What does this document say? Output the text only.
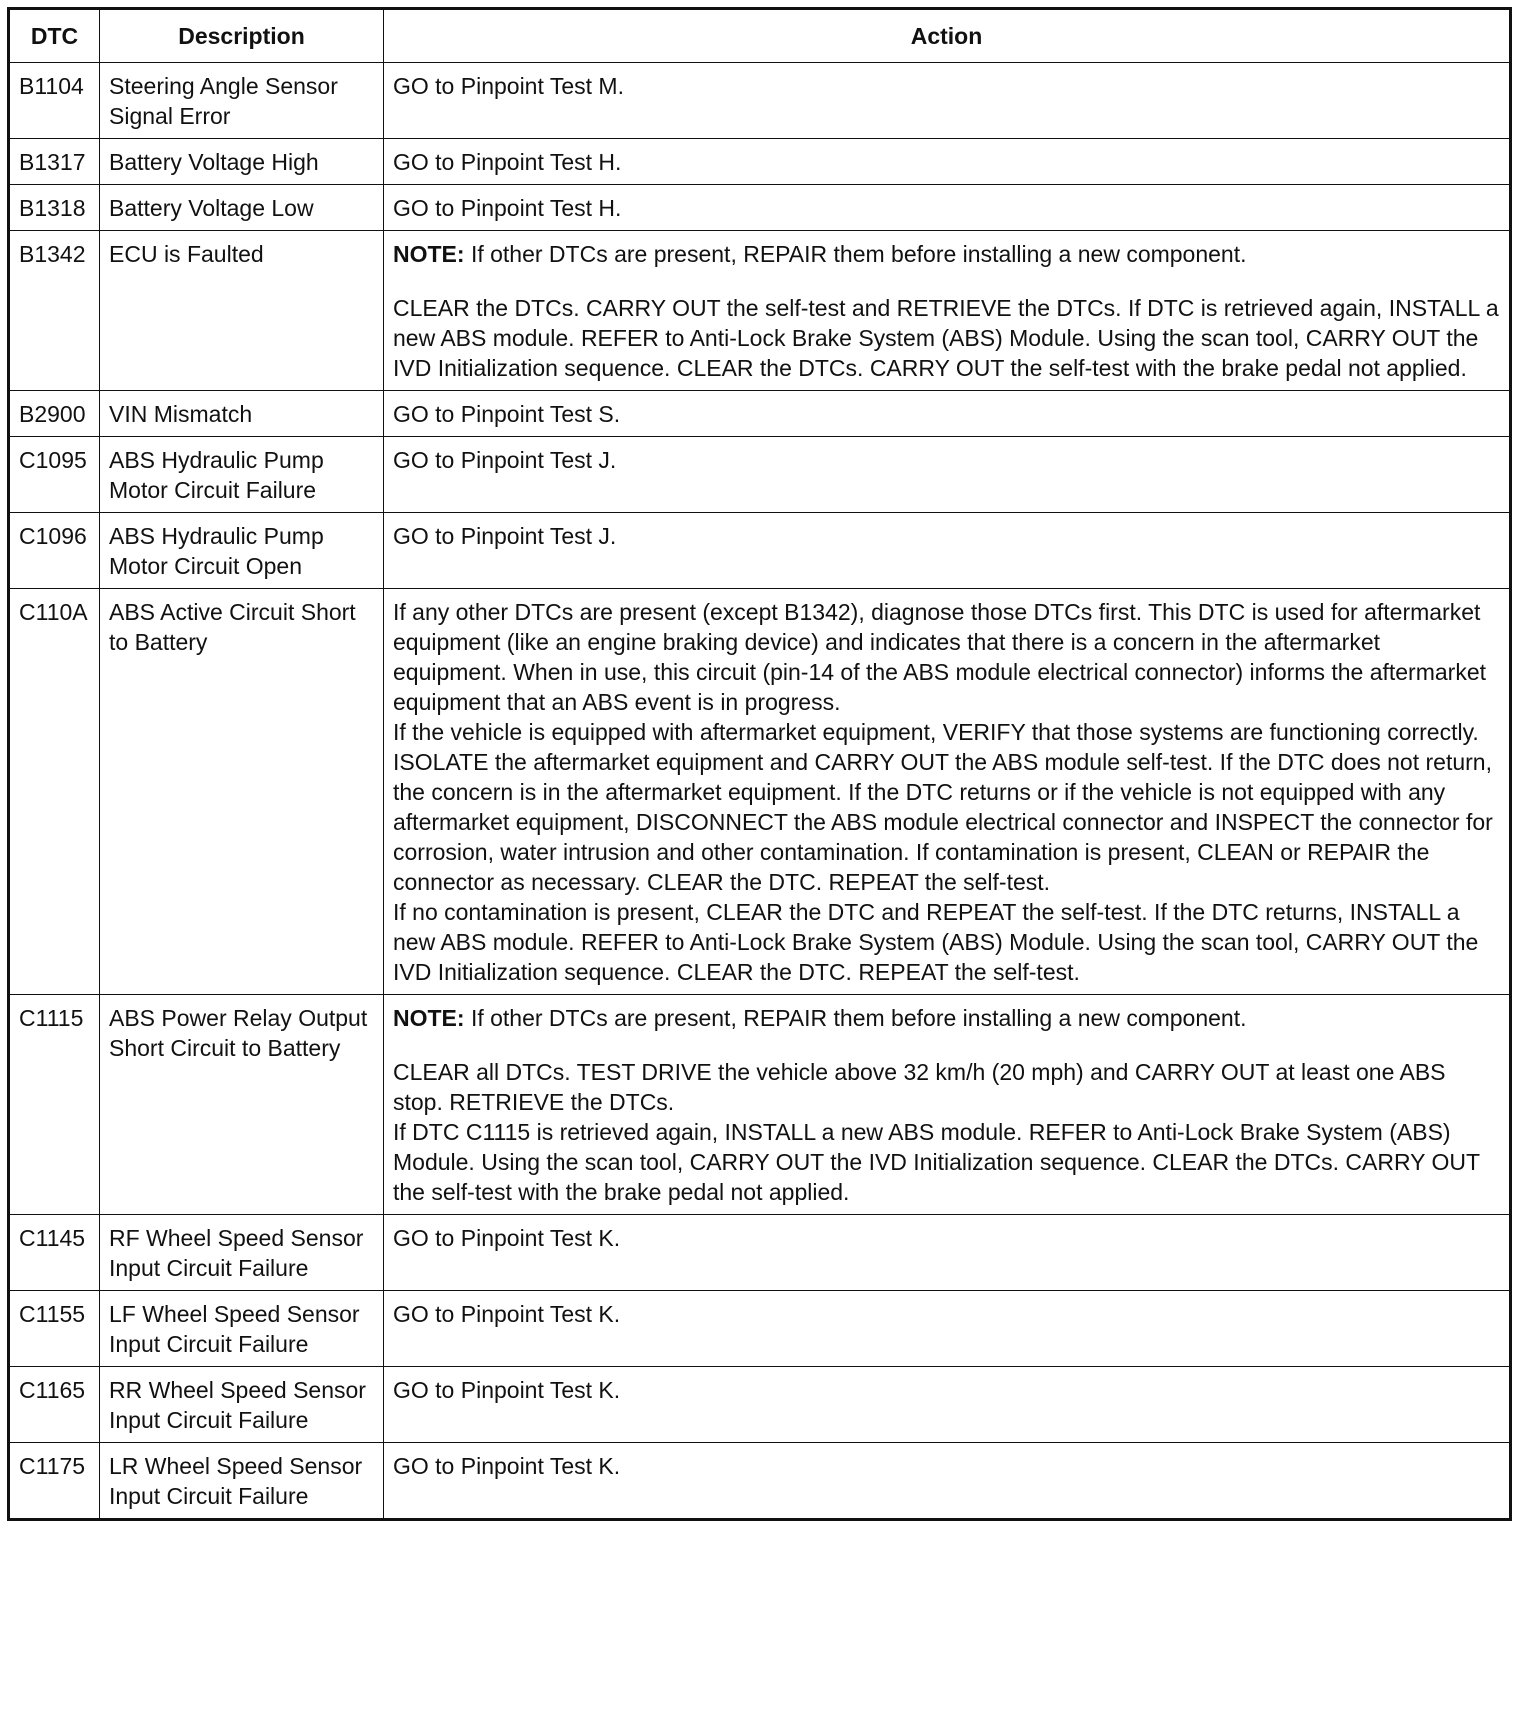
DTC	Description	Action
B1104	Steering Angle Sensor Signal Error	GO to Pinpoint Test M.

B1317	Battery Voltage High	GO to Pinpoint Test H.

B1318	Battery Voltage Low	GO to Pinpoint Test H.

B1342	ECU is Faulted	NOTE: If other DTCs are present, REPAIR them before installing a new component.

CLEAR the DTCs. CARRY OUT the self-test and RETRIEVE the DTCs. If DTC is retrieved again, INSTALL a new ABS module. REFER to Anti-Lock Brake System (ABS) Module. Using the scan tool, CARRY OUT the IVD Initialization sequence. CLEAR the DTCs. CARRY OUT the self-test with the brake pedal not applied.

B2900	VIN Mismatch	GO to Pinpoint Test S.

C1095	ABS Hydraulic Pump Motor Circuit Failure	GO to Pinpoint Test J.

C1096	ABS Hydraulic Pump Motor Circuit Open	GO to Pinpoint Test J.

C110A	ABS Active Circuit Short to Battery	If any other DTCs are present (except B1342), diagnose those DTCs first. This DTC is used for aftermarket equipment (like an engine braking device) and indicates that there is a concern in the aftermarket equipment. When in use, this circuit (pin-14 of the ABS module electrical connector) informs the aftermarket equipment that an ABS event is in progress.

If the vehicle is equipped with aftermarket equipment, VERIFY that those systems are functioning correctly. ISOLATE the aftermarket equipment and CARRY OUT the ABS module self-test. If the DTC does not return, the concern is in the aftermarket equipment. If the DTC returns or if the vehicle is not equipped with any aftermarket equipment, DISCONNECT the ABS module electrical connector and INSPECT the connector for corrosion, water intrusion and other contamination. If contamination is present, CLEAN or REPAIR the connector as necessary. CLEAR the DTC. REPEAT the self-test.

If no contamination is present, CLEAR the DTC and REPEAT the self-test. If the DTC returns, INSTALL a new ABS module. REFER to Anti-Lock Brake System (ABS) Module. Using the scan tool, CARRY OUT the IVD Initialization sequence. CLEAR the DTC. REPEAT the self-test.

C1115	ABS Power Relay Output Short Circuit to Battery	NOTE: If other DTCs are present, REPAIR them before installing a new component.

CLEAR all DTCs. TEST DRIVE the vehicle above 32 km/h (20 mph) and CARRY OUT at least one ABS stop. RETRIEVE the DTCs.

If DTC C1115 is retrieved again, INSTALL a new ABS module. REFER to Anti-Lock Brake System (ABS) Module. Using the scan tool, CARRY OUT the IVD Initialization sequence. CLEAR the DTCs. CARRY OUT the self-test with the brake pedal not applied.

C1145	RF Wheel Speed Sensor Input Circuit Failure	GO to Pinpoint Test K.

C1155	LF Wheel Speed Sensor Input Circuit Failure	GO to Pinpoint Test K.

C1165	RR Wheel Speed Sensor Input Circuit Failure	GO to Pinpoint Test K.

C1175	LR Wheel Speed Sensor Input Circuit Failure	GO to Pinpoint Test K.
